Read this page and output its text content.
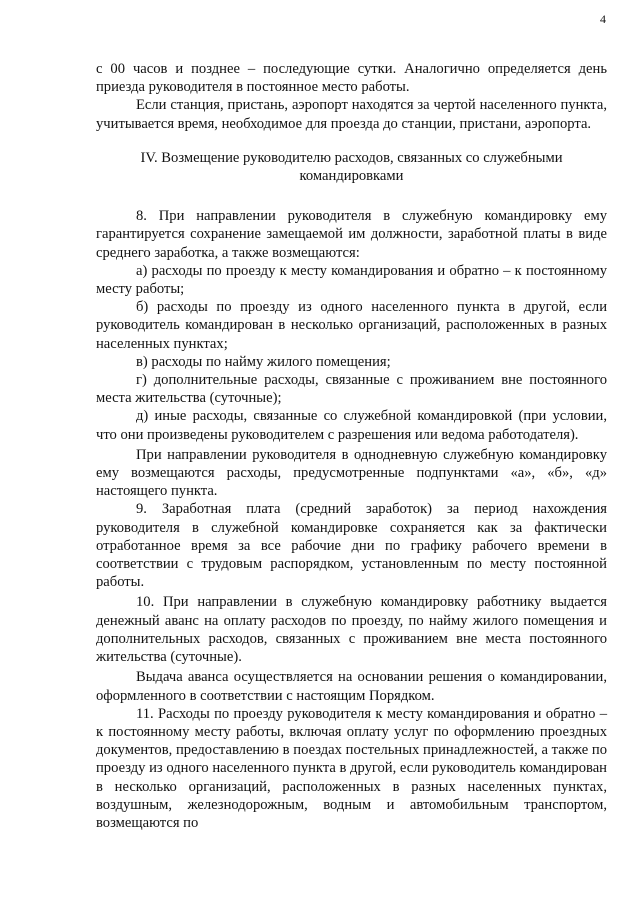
4

с 00 часов и позднее – последующие сутки. Аналогично определяется день приезда руководителя в постоянное место работы.

Если станция, пристань, аэропорт находятся за чертой населенного пункта, учитывается время, необходимое для проезда до станции, пристани, аэропорта.

IV. Возмещение руководителю расходов, связанных со служебными командировками

8. При направлении руководителя в служебную командировку ему гарантируется сохранение замещаемой им должности, заработной платы в виде среднего заработка, а также возмещаются:

а) расходы по проезду к месту командирования и обратно – к постоянному месту работы;

б) расходы по проезду из одного населенного пункта в другой, если руководитель командирован в несколько организаций, расположенных в разных населенных пунктах;

в) расходы по найму жилого помещения;

г) дополнительные расходы, связанные с проживанием вне постоянного места жительства (суточные);

д) иные расходы, связанные со служебной командировкой (при условии, что они произведены руководителем с разрешения или ведома работодателя).

При направлении руководителя в однодневную служебную командировку ему возмещаются расходы, предусмотренные подпунктами «а», «б», «д» настоящего пункта.

9. Заработная плата (средний заработок) за период нахождения руководителя в служебной командировке сохраняется как за фактически отработанное время за все рабочие дни по графику рабочего времени в соответствии с трудовым распорядком, установленным по месту постоянной работы.

10. При направлении в служебную командировку работнику выдается денежный аванс на оплату расходов по проезду, по найму жилого помещения и дополнительных расходов, связанных с проживанием вне места постоянного жительства (суточные).

Выдача аванса осуществляется на основании решения о командировании, оформленного в соответствии с настоящим Порядком.

11. Расходы по проезду руководителя к месту командирования и обратно – к постоянному месту работы, включая оплату услуг по оформлению проездных документов, предоставлению в поездах постельных принадлежностей, а также по проезду из одного населенного пункта в другой, если руководитель командирован в несколько организаций, расположенных в разных населенных пунктах, воздушным, железнодорожным, водным и автомобильным транспортом, возмещаются по
